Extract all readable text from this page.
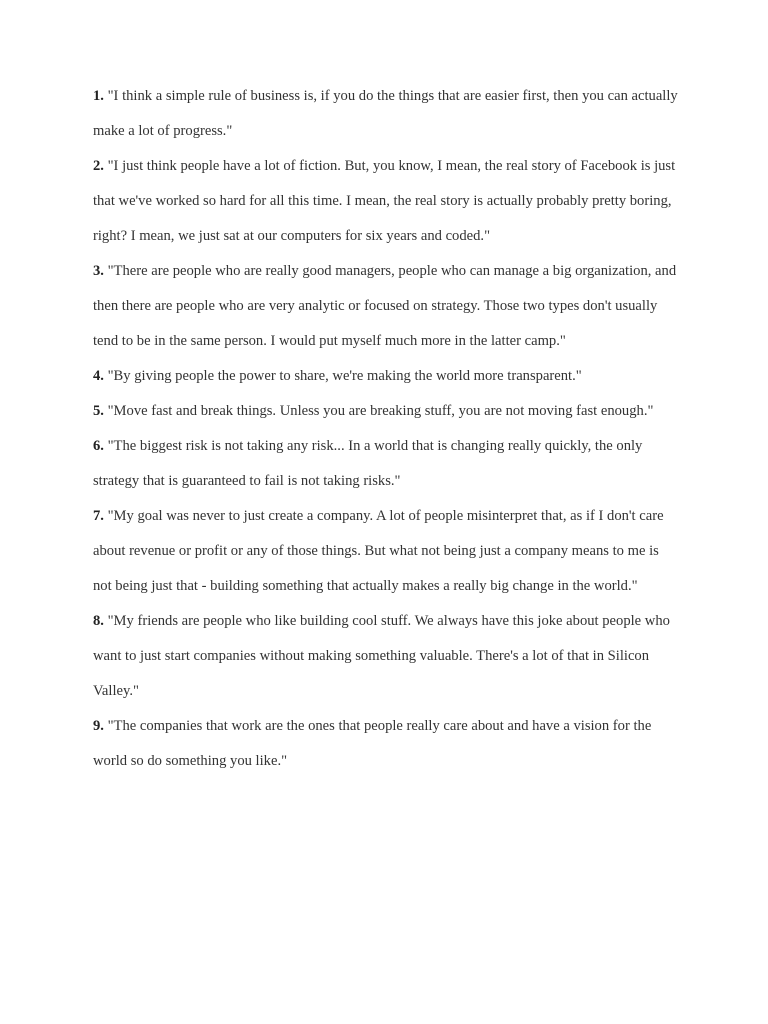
1. "I think a simple rule of business is, if you do the things that are easier first, then you can actually make a lot of progress."

2. "I just think people have a lot of fiction. But, you know, I mean, the real story of Facebook is just that we've worked so hard for all this time. I mean, the real story is actually probably pretty boring, right? I mean, we just sat at our computers for six years and coded."

3. "There are people who are really good managers, people who can manage a big organization, and then there are people who are very analytic or focused on strategy. Those two types don't usually tend to be in the same person. I would put myself much more in the latter camp."

4. "By giving people the power to share, we're making the world more transparent."

5. "Move fast and break things. Unless you are breaking stuff, you are not moving fast enough."

6. "The biggest risk is not taking any risk... In a world that is changing really quickly, the only strategy that is guaranteed to fail is not taking risks."

7. "My goal was never to just create a company. A lot of people misinterpret that, as if I don't care about revenue or profit or any of those things. But what not being just a company means to me is not being just that - building something that actually makes a really big change in the world."

8. "My friends are people who like building cool stuff. We always have this joke about people who want to just start companies without making something valuable. There's a lot of that in Silicon Valley."

9. "The companies that work are the ones that people really care about and have a vision for the world so do something you like."
